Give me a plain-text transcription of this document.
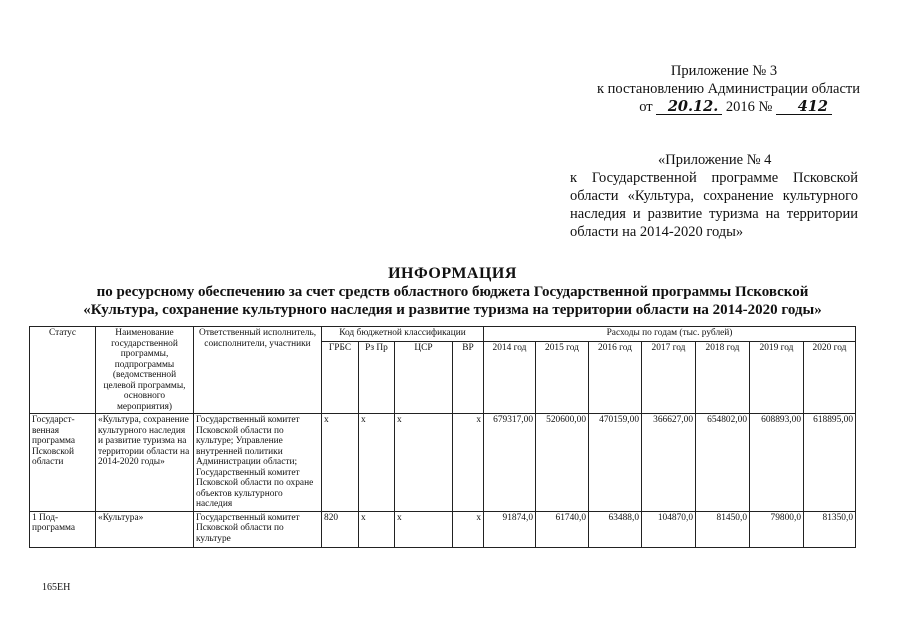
Приложение № 3
к постановлению Администрации области
от 20.12. 2016 № 412
«Приложение № 4
к Государственной программе Псковской области «Культура, сохранение культурного наследия и развитие туризма на территории области на 2014-2020 годы»
ИНФОРМАЦИЯ
по ресурсному обеспечению за счет средств областного бюджета Государственной программы Псковской
«Культура, сохранение культурного наследия и развитие туризма на территории области на 2014-2020 годы»
Статус	Наименование государственной программы, подпрограммы (ведомственной целевой программы, основного мероприятия)	Ответственный исполнитель, соисполнители, участники	Код бюджетной классификации				Расходы по годам (тыс. рублей)						
			ГРБС	Рз Пр	ЦСР	ВР	2014 год	2015 год	2016 год	2017 год	2018 год	2019 год	2020 год
Государст-венная программа Псковской области	«Культура, сохранение культурного наследия и развитие туризма на территории области на 2014-2020 годы»	Государственный комитет Псковской области по культуре; Управление внутренней политики Администрации области; Государственный комитет Псковской области по охране объектов культурного наследия	х	х	х	х	679317,00	520600,00	470159,00	366627,00	654802,00	608893,00	618895,00
1 Под-программа	«Культура»	Государственный комитет Псковской области по культуре	820	х	х	х	91874,0	61740,0	63488,0	104870,0	81450,0	79800,0	81350,0
165ЕН
